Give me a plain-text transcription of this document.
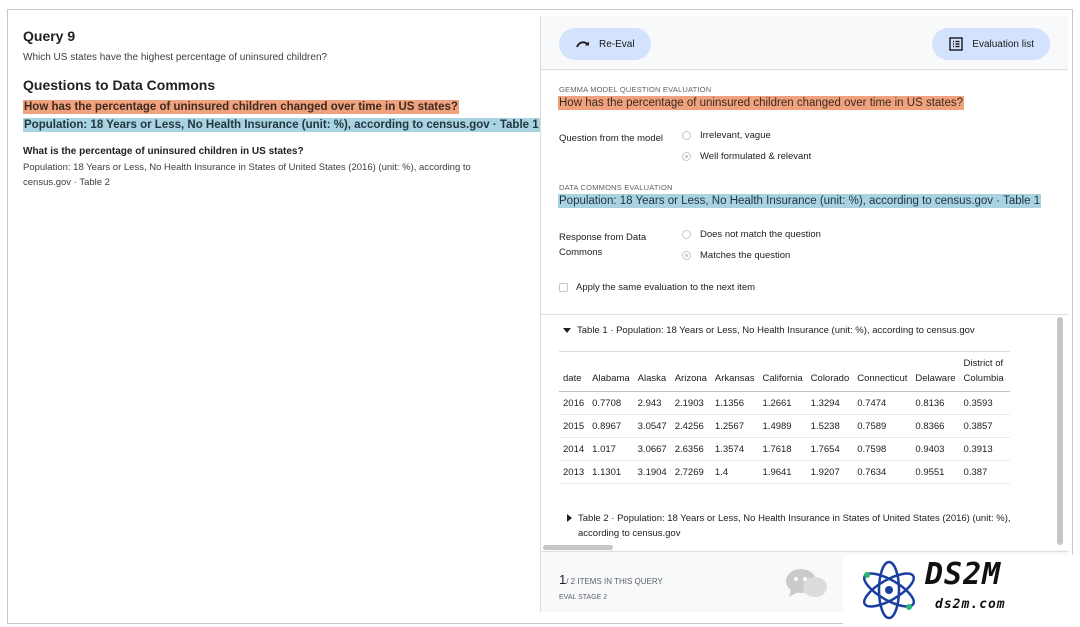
Query 9
Which US states have the highest percentage of uninsured children?
Questions to Data Commons
How has the percentage of uninsured children changed over time in US states?
Population: 18 Years or Less, No Health Insurance (unit: %), according to census.gov · Table 1
What is the percentage of uninsured children in US states?
Population: 18 Years or Less, No Health Insurance in States of United States (2016) (unit: %), according to census.gov · Table 2
Re-Eval	Evaluation list
GEMMA MODEL QUESTION EVALUATION
How has the percentage of uninsured children changed over time in US states?
Question from the model	Irrelevant, vague
Well formulated & relevant
DATA COMMONS EVALUATION
Population: 18 Years or Less, No Health Insurance (unit: %), according to census.gov · Table 1
Response from Data Commons
Does not match the question
Matches the question
Apply the same evaluation to the next item
Table 1 · Population: 18 Years or Less, No Health Insurance (unit: %), according to census.gov
date	Alabama	Alaska	Arizona	Arkansas	California	Colorado	Connecticut	Delaware	District of Columbia
2016	0.7708	2.943	2.1903	1.1356	1.2661	1.3294	0.7474	0.8136	0.3593
2015	0.8967	3.0547	2.4256	1.2567	1.4989	1.5238	0.7589	0.8366	0.3857
2014	1.017	3.0667	2.6356	1.3574	1.7618	1.7654	0.7598	0.9403	0.3913
2013	1.1301	3.1904	2.7269	1.4	1.9641	1.9207	0.7634	0.9551	0.387
Table 2 · Population: 18 Years or Less, No Health Insurance in States of United States (2016) (unit: %), according to census.gov
1/ 2 ITEMS IN THIS QUERY
EVAL STAGE 2
DS2M
ds2m.com
